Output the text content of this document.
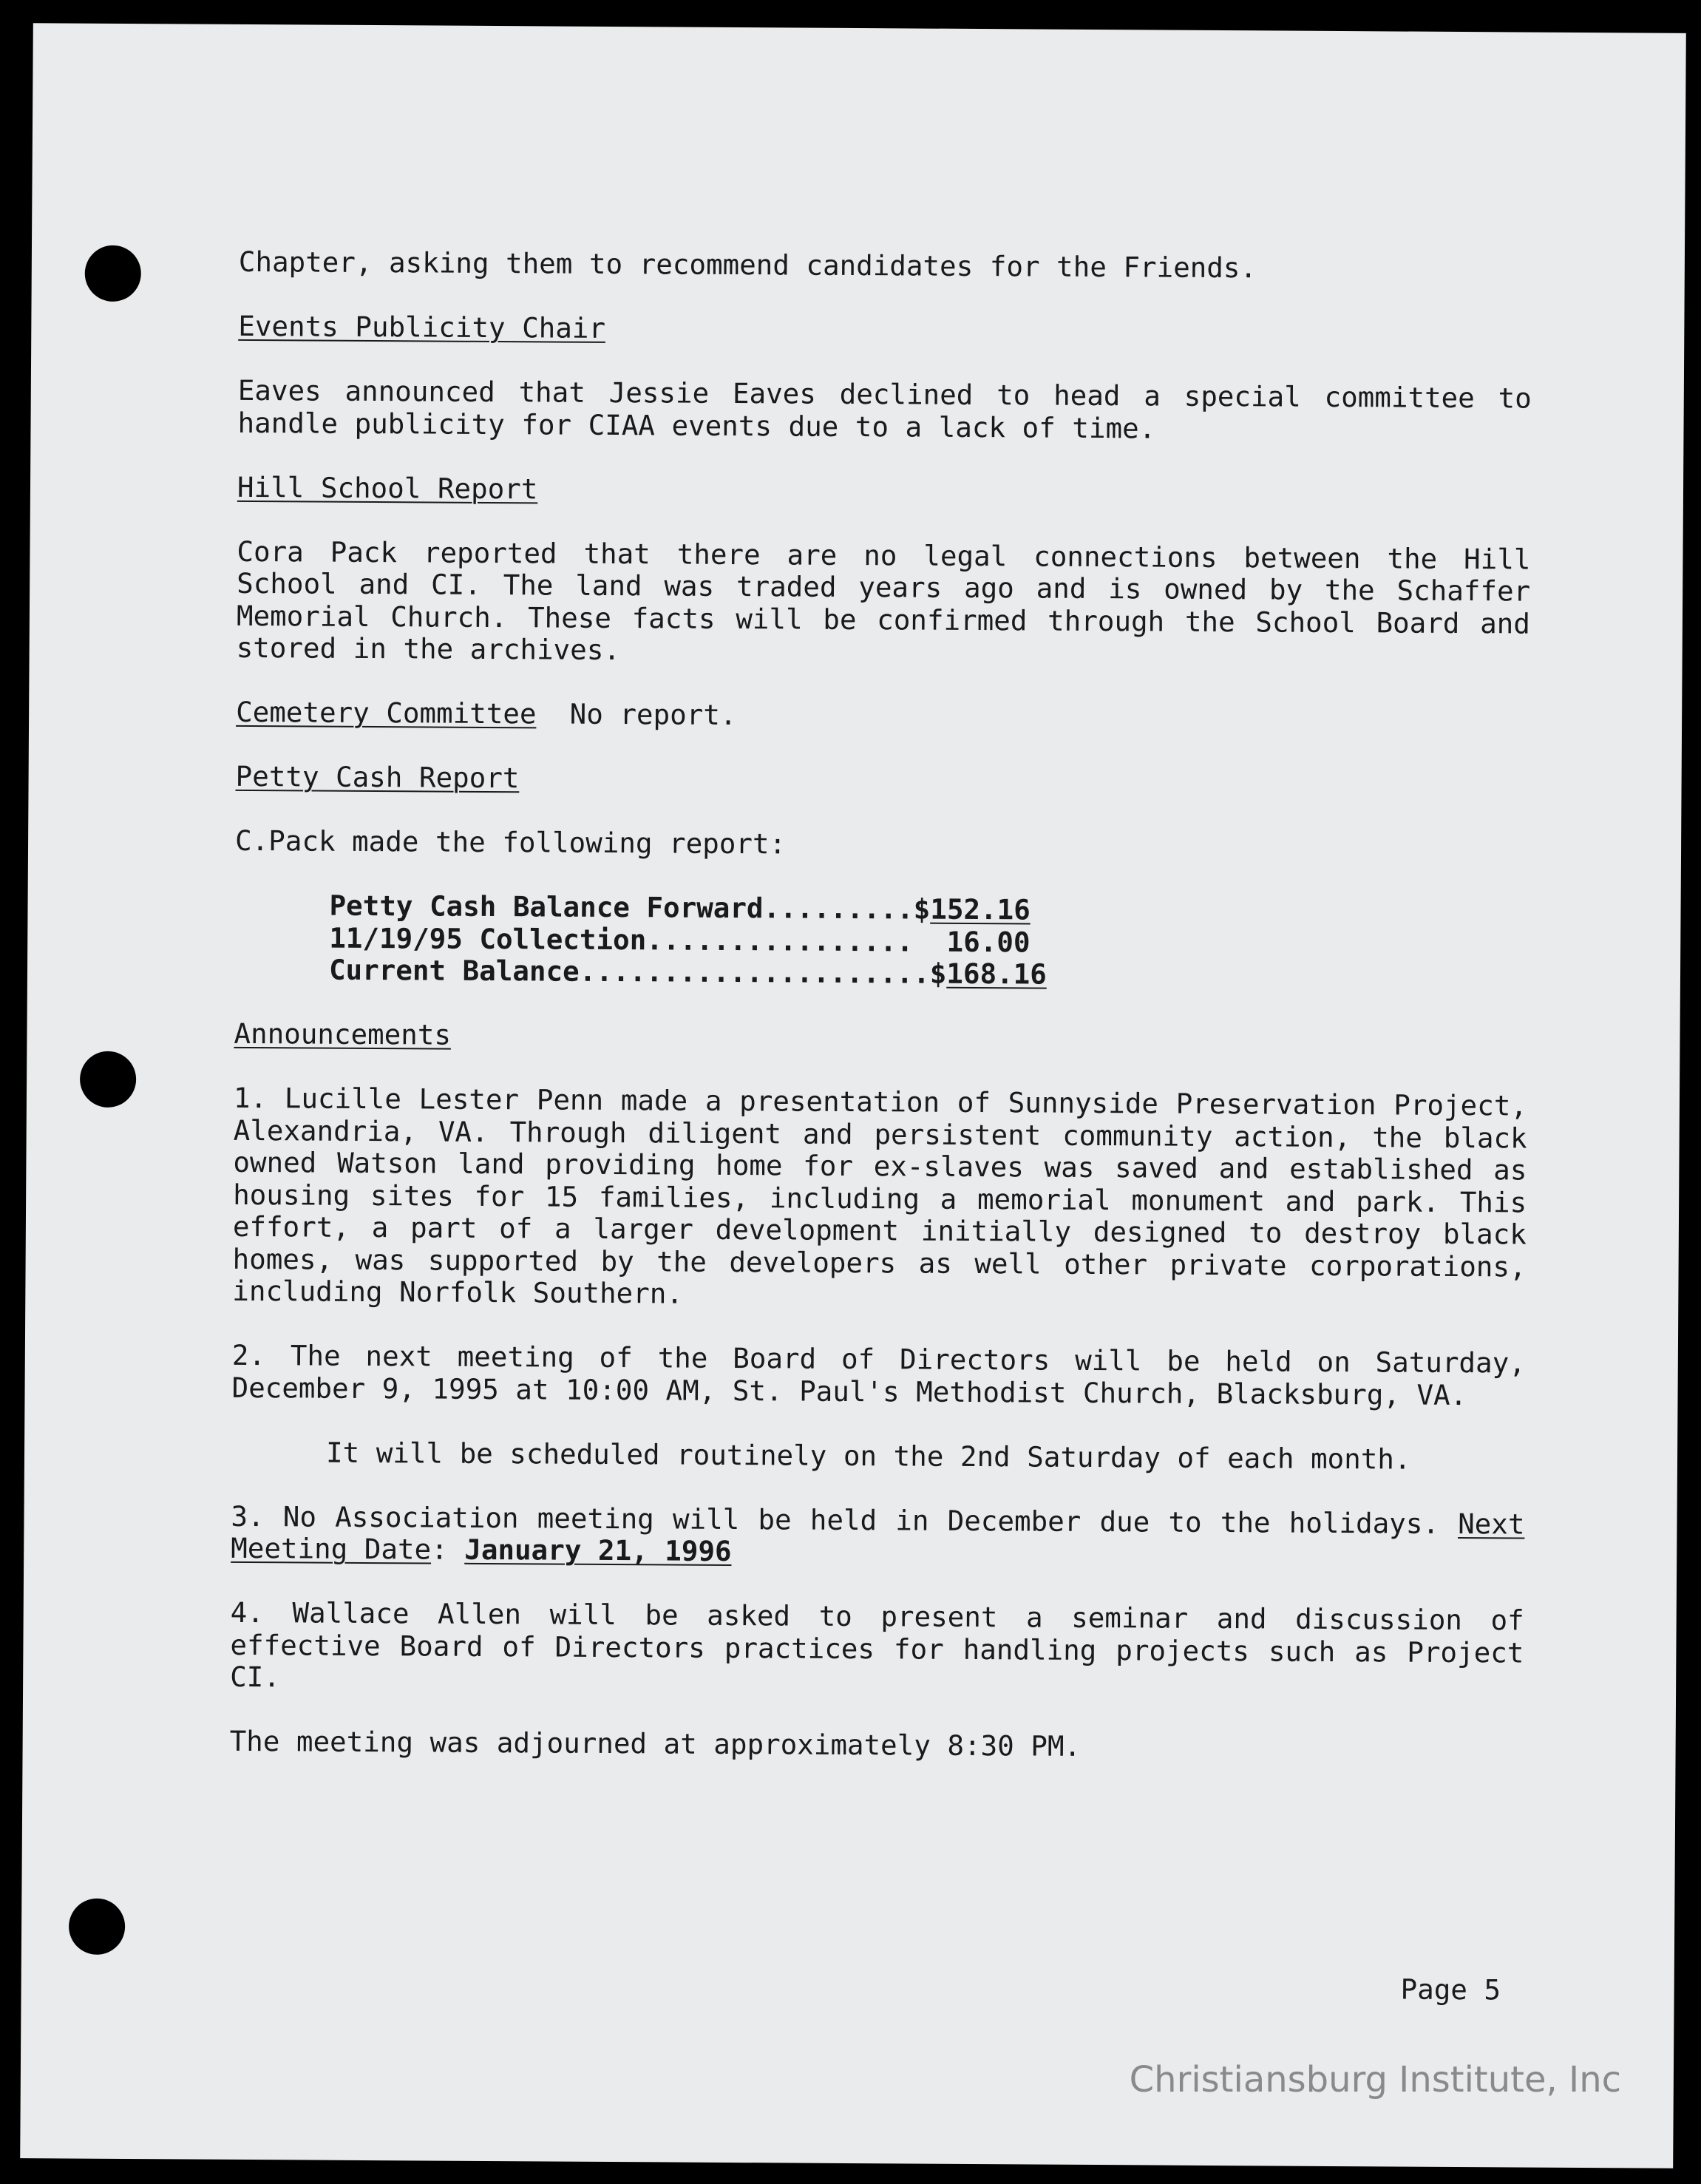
Chapter, asking them to recommend candidates for the Friends.

Events Publicity Chair

Eaves announced that Jessie Eaves declined to head a special committee to handle publicity for CIAA events due to a lack of time.

Hill School Report

Cora Pack reported that there are no legal connections between the Hill School and CI. The land was traded years ago and is owned by the Schaffer Memorial Church. These facts will be confirmed through the School Board and stored in the archives.

Cemetery Committee No report.

Petty Cash Report

C.Pack made the following report:

Petty Cash Balance Forward.........$152.16

11/19/95 Collection................  16.00

Current Balance.....................$168.16

Announcements

1. Lucille Lester Penn made a presentation of Sunnyside Preservation Project, Alexandria, VA. Through diligent and persistent community action, the black owned Watson land providing home for ex-slaves was saved and established as housing sites for 15 families, including a memorial monument and park. This effort, a part of a larger development initially designed to destroy black homes, was supported by the developers as well other private corporations, including Norfolk Southern.

2. The next meeting of the Board of Directors will be held on Saturday, December 9, 1995 at 10:00 AM, St. Paul's Methodist Church, Blacksburg, VA.

It will be scheduled routinely on the 2nd Saturday of each month.

3. No Association meeting will be held in December due to the holidays. Next Meeting Date: January 21, 1996

4. Wallace Allen will be asked to present a seminar and discussion of effective Board of Directors practices for handling projects such as Project CI.

The meeting was adjourned at approximately 8:30 PM.

Page 5
Christiansburg Institute, Inc
